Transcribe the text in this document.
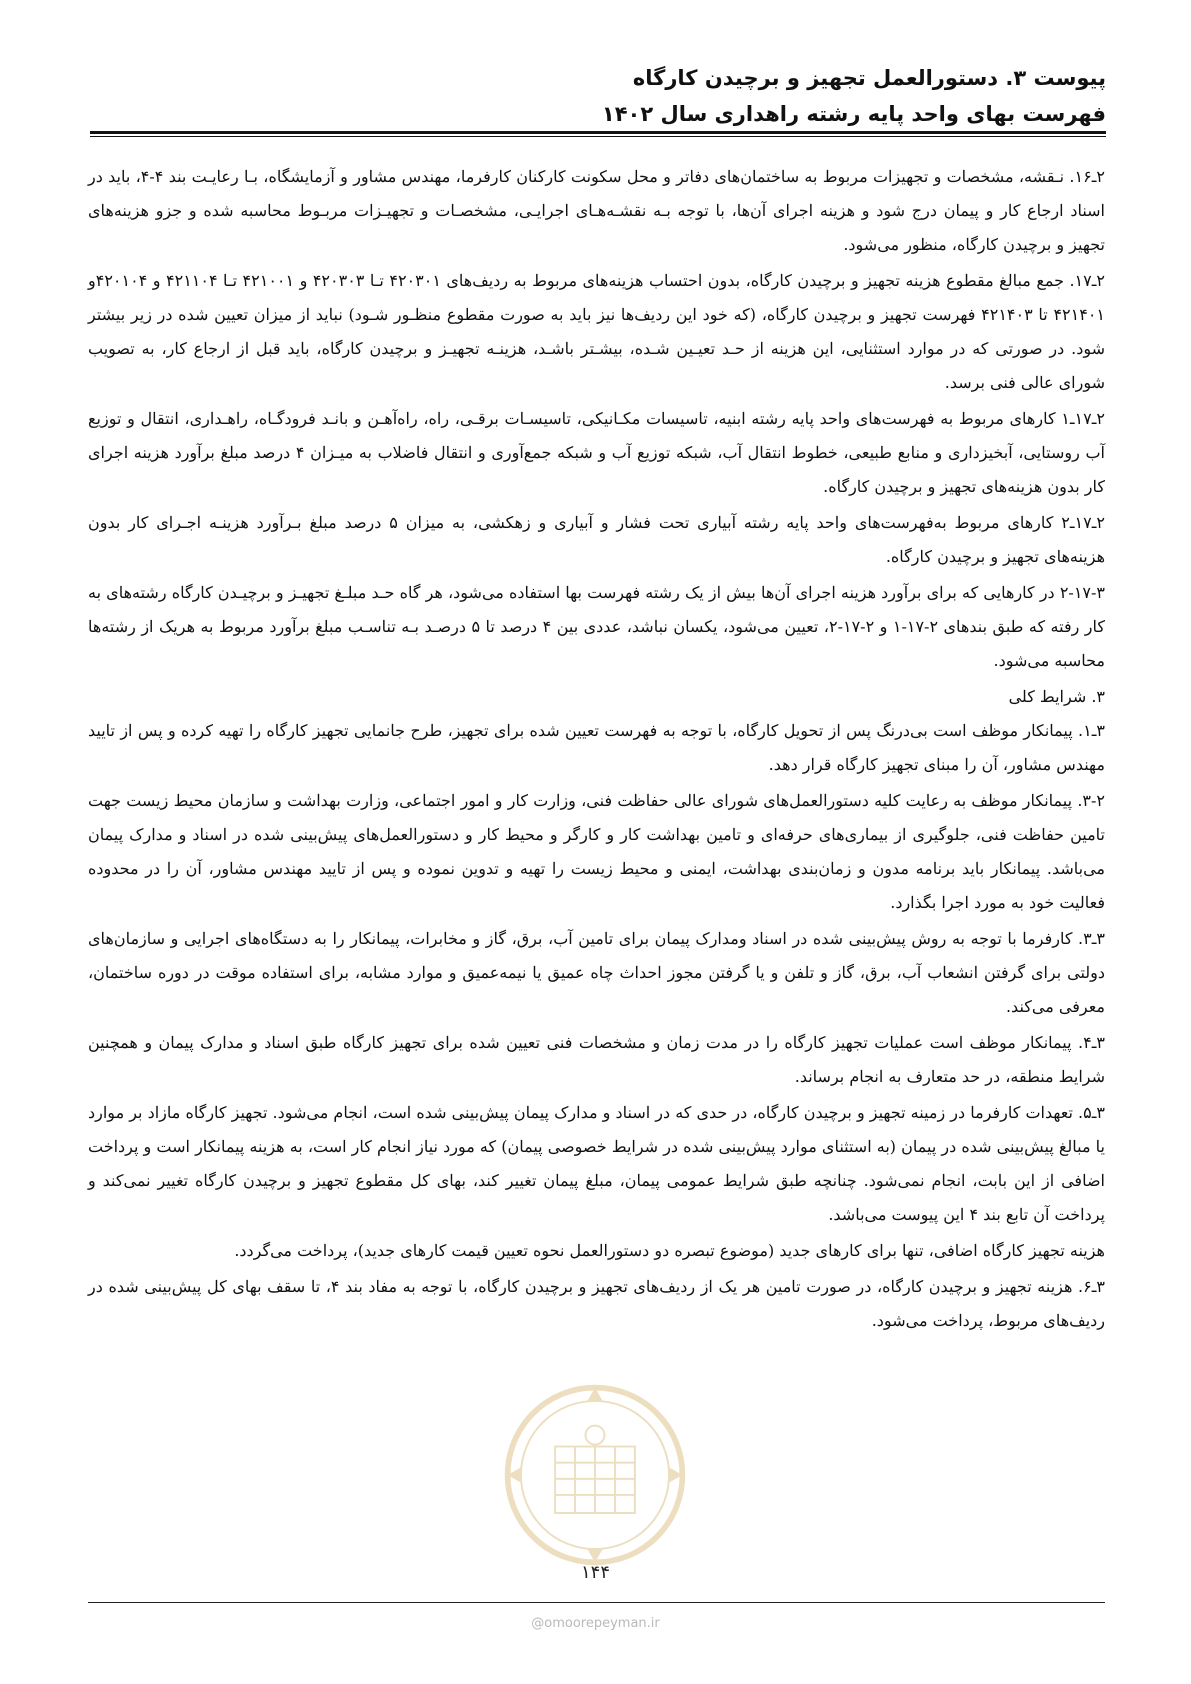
پیوست ۳. دستورالعمل تجهیز و برچیدن کارگاه
فهرست بهای واحد پایه رشته راهداری سال ۱۴۰۲

۲ـ۱۶. نـقشه، مشخصات و تجهیزات مربوط به ساختمان‌های دفاتر و محل سکونت کارکنان کارفرما، مهندس مشاور و آزمایشگاه، بـا رعایـت بند ۴-۴، باید در اسناد ارجاع کار و پیمان درج شود و هزینه اجرای آن‌ها، با توجه بـه نقشـه‌هـای اجرایـی، مشخصـات و تجهیـزات مربـوط محاسبه شده و جزو هزینه‌های تجهیز و برچیدن کارگاه، منظور می‌شود.

۲ـ۱۷. جمع مبالغ مقطوع هزینه تجهیز و برچیدن کارگاه، بدون احتساب هزینه‌های مربوط به ردیف‌های ۴۲۰۳۰۱ تـا ۴۲۰۳۰۳ و ۴۲۱۰۰۱ تـا ۴۲۱۱۰۴ و ۴۲۰۱۰۴و ۴۲۱۴۰۱ تا ۴۲۱۴۰۳ فهرست تجهیز و برچیدن کارگاه، (که خود این ردیف‌ها نیز باید به صورت مقطوع منظـور شـود) نباید از میزان تعیین شده در زیر بیشتر شود. در صورتی که در موارد استثنایی، این هزینه از حـد تعیـین شـده، بیشـتر باشـد، هزینـه تجهیـز و برچیدن کارگاه، باید قبل از ارجاع کار، به تصویب شورای عالی فنی برسد.

۲ـ۱۷ـ۱ کارهای مربوط به فهرست‌های واحد پایه رشته ابنیه، تاسیسات مکـانیکی، تاسیسـات برقـی، راه، راه‌آهـن و بانـد فرودگـاه، راهـداری، انتقال و توزیع آب روستایی، آبخیزداری و منابع طبیعی، خطوط انتقال آب، شبکه توزیع آب و شبکه جمع‌آوری و انتقال فاضلاب به میـزان ۴ درصد مبلغ برآورد هزینه اجرای کار بدون هزینه‌های تجهیز و برچیدن کارگاه.

۲ـ۱۷ـ۲ کارهای مربوط به‌فهرست‌های واحد پایه رشته آبیاری تحت فشار و آبیاری و زهکشی، به میزان ۵ درصد مبلغ بـرآورد هزینـه اجـرای کار بدون هزینه‌های تجهیز و برچیدن کارگاه.

۲-۱۷-۳ در کارهایی که برای برآورد هزینه اجرای آن‌ها بیش از یک رشته فهرست بها استفاده می‌شود، هر گاه حـد مبلـغ تجهیـز و برچیـدن کارگاه رشته‌های به کار رفته که طبق بندهای ۲-۱۷-۱ و ۲-۱۷-۲، تعیین می‌شود، یکسان نباشد، عددی بین ۴ درصد تا ۵ درصـد بـه تناسـب مبلغ برآورد مربوط به هریک از رشته‌ها محاسبه می‌شود.

۳. شرایط کلی

۳ـ۱. پیمانکار موظف است بی‌درنگ پس از تحویل کارگاه، با توجه به فهرست تعیین شده برای تجهیز، طرح جانمایی تجهیز کارگاه را تهیه کرده و پس از تایید مهندس مشاور، آن را مبنای تجهیز کارگاه قرار دهد.

۳-۲. پیمانکار موظف به رعایت کلیه دستورالعمل‌های شورای عالی حفاظت فنی، وزارت کار و امور اجتماعی، وزارت بهداشت و سازمان محیط زیست جهت تامین حفاظت فنی، جلوگیری از بیماری‌های حرفه‌ای و تامین بهداشت کار و کارگر و محیط کار و دستورالعمل‌های پیش‌بینی شده در اسناد و مدارک پیمان می‌باشد. پیمانکار باید برنامه مدون و زمان‌بندی بهداشت، ایمنی و محیط زیست را تهیه و تدوین نموده و پس از تایید مهندس مشاور، آن را در محدوده فعالیت خود به مورد اجرا بگذارد.

۳ـ۳. کارفرما با توجه به روش پیش‌بینی شده در اسناد ومدارک پیمان برای تامین آب، برق، گاز و مخابرات، پیمانکار را به دستگاه‌های اجرایی و سازمان‌های دولتی برای گرفتن انشعاب آب، برق، گاز و تلفن و یا گرفتن مجوز احداث چاه عمیق یا نیمه‌عمیق و موارد مشابه، برای استفاده موقت در دوره ساختمان، معرفی می‌کند.

۳ـ۴. پیمانکار موظف است عملیات تجهیز کارگاه را در مدت زمان و مشخصات فنی تعیین شده برای تجهیز کارگاه طبق اسناد و مدارک پیمان و همچنین شرایط منطقه، در حد متعارف به انجام برساند.

۳ـ۵. تعهدات کارفرما در زمینه تجهیز و برچیدن کارگاه، در حدی که در اسناد و مدارک پیمان پیش‌بینی شده است، انجام می‌شود. تجهیز کارگاه مازاد بر موارد یا مبالغ پیش‌بینی شده در پیمان (به استثنای موارد پیش‌بینی شده در شرایط خصوصی پیمان) که مورد نیاز انجام کار است، به هزینه پیمانکار است و پرداخت اضافی از این بابت، انجام نمی‌شود. چنانچه طبق شرایط عمومی پیمان، مبلغ پیمان تغییر کند، بهای کل مقطوع تجهیز و برچیدن کارگاه تغییر نمی‌کند و پرداخت آن تابع بند ۴ این پیوست می‌باشد.

هزینه تجهیز کارگاه اضافی، تنها برای کارهای جدید (موضوع تبصره دو دستورالعمل نحوه تعیین قیمت کارهای جدید)، پرداخت می‌گردد.

۳ـ۶. هزینه تجهیز و برچیدن کارگاه، در صورت تامین هر یک از ردیف‌های تجهیز و برچیدن کارگاه، با توجه به مفاد بند ۴، تا سقف بهای کل پیش‌بینی شده در ردیف‌های مربوط، پرداخت می‌شود.

۱۴۴
@omoorepeyman.ir
